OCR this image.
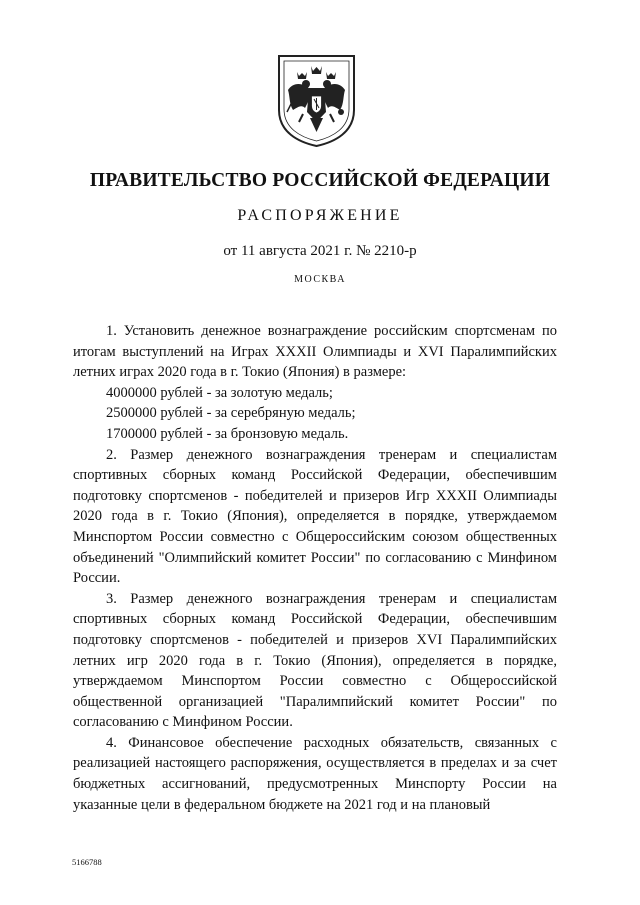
ПРАВИТЕЛЬСТВО РОССИЙСКОЙ ФЕДЕРАЦИИ
РАСПОРЯЖЕНИЕ
от 11 августа 2021 г. № 2210-р
МОСКВА

1. Установить денежное вознаграждение российским спортсменам по итогам выступлений на Играх XXXII Олимпиады и XVI Паралимпийских летних играх 2020 года в г. Токио (Япония) в размере:

4000000 рублей - за золотую медаль;

2500000 рублей - за серебряную медаль;

1700000 рублей - за бронзовую медаль.

2. Размер денежного вознаграждения тренерам и специалистам спортивных сборных команд Российской Федерации, обеспечившим подготовку спортсменов - победителей и призеров Игр XXXII Олимпиады 2020 года в г. Токио (Япония), определяется в порядке, утверждаемом Минспортом России совместно с Общероссийским союзом общественных объединений "Олимпийский комитет России" по согласованию с Минфином России.

3. Размер денежного вознаграждения тренерам и специалистам спортивных сборных команд Российской Федерации, обеспечившим подготовку спортсменов - победителей и призеров XVI Паралимпийских летних игр 2020 года в г. Токио (Япония), определяется в порядке, утверждаемом Минспортом России совместно с Общероссийской общественной организацией "Паралимпийский комитет России" по согласованию с Минфином России.

4. Финансовое обеспечение расходных обязательств, связанных с реализацией настоящего распоряжения, осуществляется в пределах и за счет бюджетных ассигнований, предусмотренных Минспорту России на указанные цели в федеральном бюджете на 2021 год и на плановый

5166788
